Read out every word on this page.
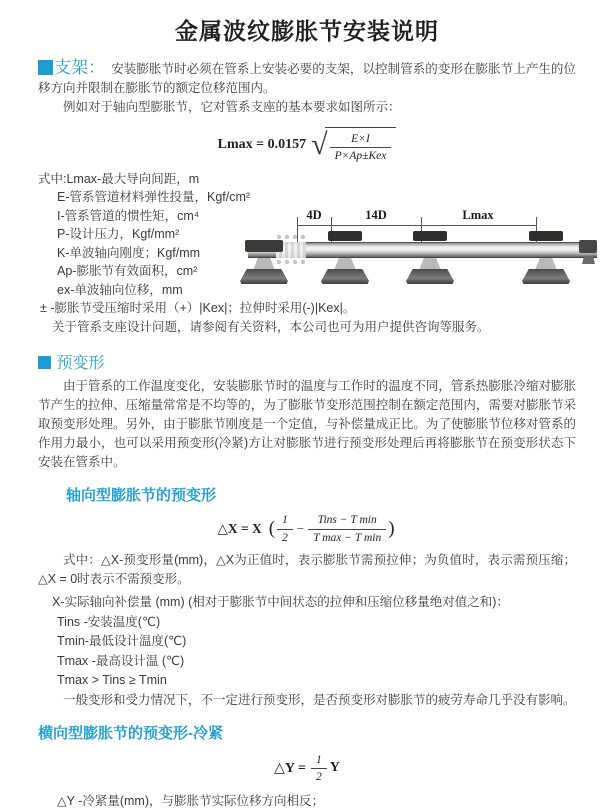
金属波纹膨胀节安装说明

支架： 安装膨胀节时必须在管系上安装必要的支架，以控制管系的变形在膨胀节上产生的位移方向并限制在膨胀节的额定位移范围内。

例如对于轴向型膨胀节，它对管系支座的基本要求如图所示：

Lmax = 0.0157 √ $\frac{E\times I}{\text{P×Ap±Kex}}$
式中:Lmax-最大导向间距，m
E-管系管道材料弹性投量，Kgf/cm²
I-管系管道的惯性矩，cm⁴
P-设计压力，Kgf/mm²
K-单波轴向刚度；Kgf/mm
Ap-膨胀节有效面积，cm²
ex-单波轴向位移，mm
± -膨胀节受压缩时采用（+）|Kex|；拉伸时采用(-)|Kex|。
关于管系支座设计问题，请参阅有关资料，本公司也可为用户提供咨询等服务。
预变形

由于管系的工作温度变化，安装膨胀节时的温度与工作时的温度不同，管系热膨胀冷缩对膨胀节产生的拉伸、压缩量常常是不均等的，为了膨胀节变形范围控制在额定范围内，需要对膨胀节采取预变形处理。另外，由于膨胀节刚度是一个定值，与补偿量成正比。为了使膨胀节位移对管系的作用力最小，也可以采用预变形(冷紧)方让对膨胀节进行预变形处理后再将膨胀节在预变形状态下安装在管系中。

轴向型膨胀节的预变形
△X = X ( $\frac{1}{2} - \frac{\text{Tins − T min}}{\text{T max − T min}}$ )

式中：△X-预变形量(mm)，△X为正值时，表示膨胀节需预拉伸；为负值时，表示需预压缩；△X = 0时表示不需预变形。

X-实际轴向补偿量 (mm) (相对于膨胀节中间状态的拉伸和压缩位移量绝对值之和)：
Tins -安装温度(℃)
Tmin-最低设计温度(℃)
Tmax -最高设计温 (℃)
Tmax > Tins ≥ Tmin

一般变形和受力情况下，不一定进行预变形，是否预变形对膨胀节的疲劳寿命几乎没有影响。

横向型膨胀节的预变形-冷紧
△Y = $\frac{1}{2}$ Y
△Y -冷紧量(mm)，与膨胀节实际位移方向相反；
4D	14D	Lmax
